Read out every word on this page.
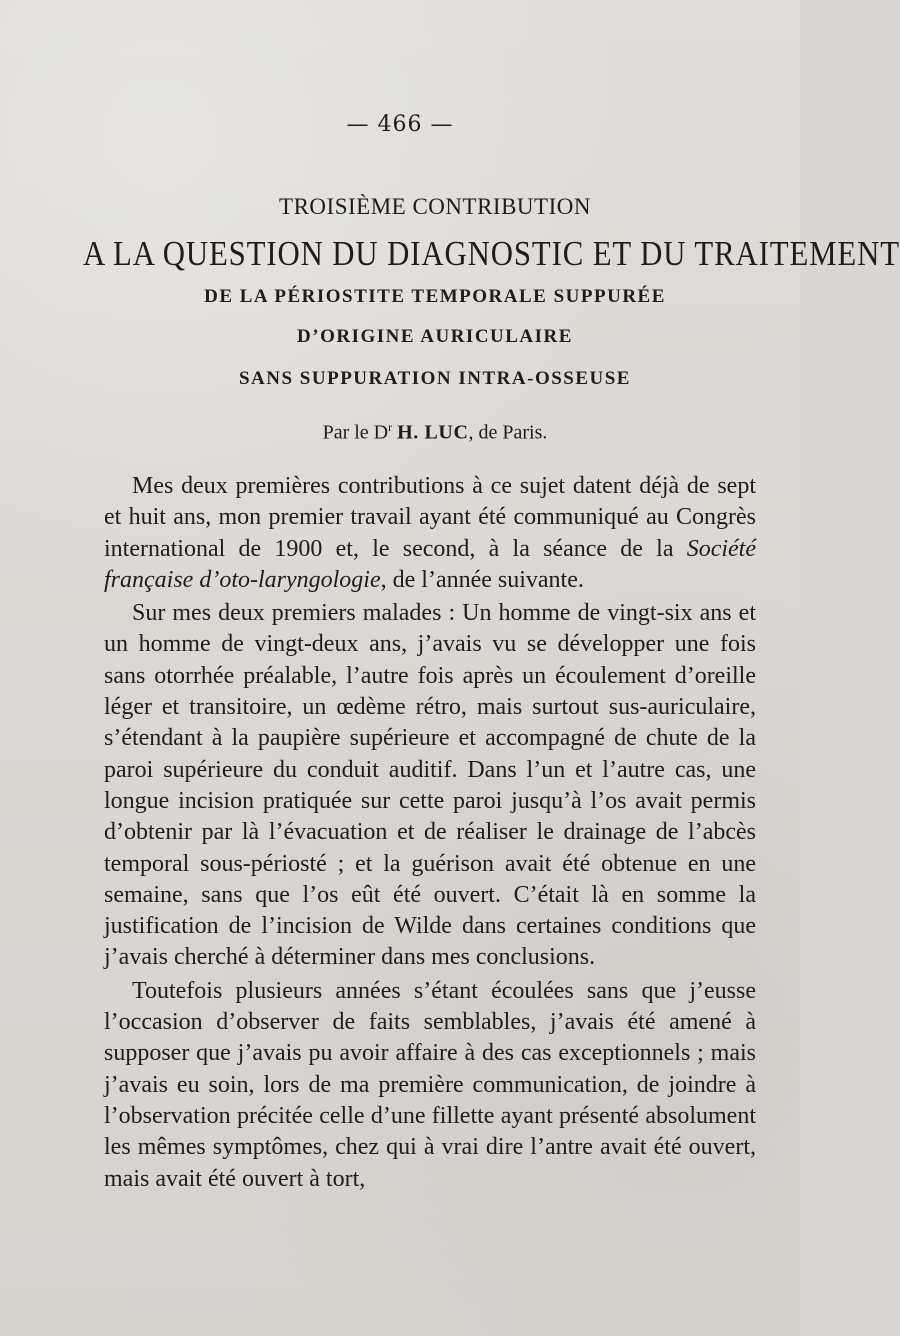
— 466 —
TROISIÈME CONTRIBUTION
A LA QUESTION DU DIAGNOSTIC ET DU TRAITEMENT
DE LA PÉRIOSTITE TEMPORALE SUPPURÉE
D’ORIGINE AURICULAIRE
SANS SUPPURATION INTRA-OSSEUSE
Par le $D^r$ H. LUC, de Paris.

Mes deux premières contributions à ce sujet datent déjà de sept et huit ans, mon premier travail ayant été communiqué au Congrès international de 1900 et, le second, à la séance de la Société française d’oto-laryngologie, de l’année suivante.

Sur mes deux premiers malades : Un homme de vingt-six ans et un homme de vingt-deux ans, j’avais vu se développer une fois sans otorrhée préalable, l’autre fois après un écoulement d’oreille léger et transitoire, un œdème rétro, mais surtout sus-auriculaire, s’étendant à la paupière supérieure et accompagné de chute de la paroi supérieure du conduit auditif. Dans l’un et l’autre cas, une longue incision pratiquée sur cette paroi jusqu’à l’os avait permis d’obtenir par là l’évacuation et de réaliser le drainage de l’abcès temporal sous-périosté ; et la guérison avait été obtenue en une semaine, sans que l’os eût été ouvert. C’était là en somme la justification de l’incision de Wilde dans certaines conditions que j’avais cherché à déterminer dans mes conclusions.

Toutefois plusieurs années s’étant écoulées sans que j’eusse l’occasion d’observer de faits semblables, j’avais été amené à supposer que j’avais pu avoir affaire à des cas exceptionnels ; mais j’avais eu soin, lors de ma première communication, de joindre à l’observation précitée celle d’une fillette ayant présenté absolument les mêmes symptômes, chez qui à vrai dire l’antre avait été ouvert, mais avait été ouvert à tort,
